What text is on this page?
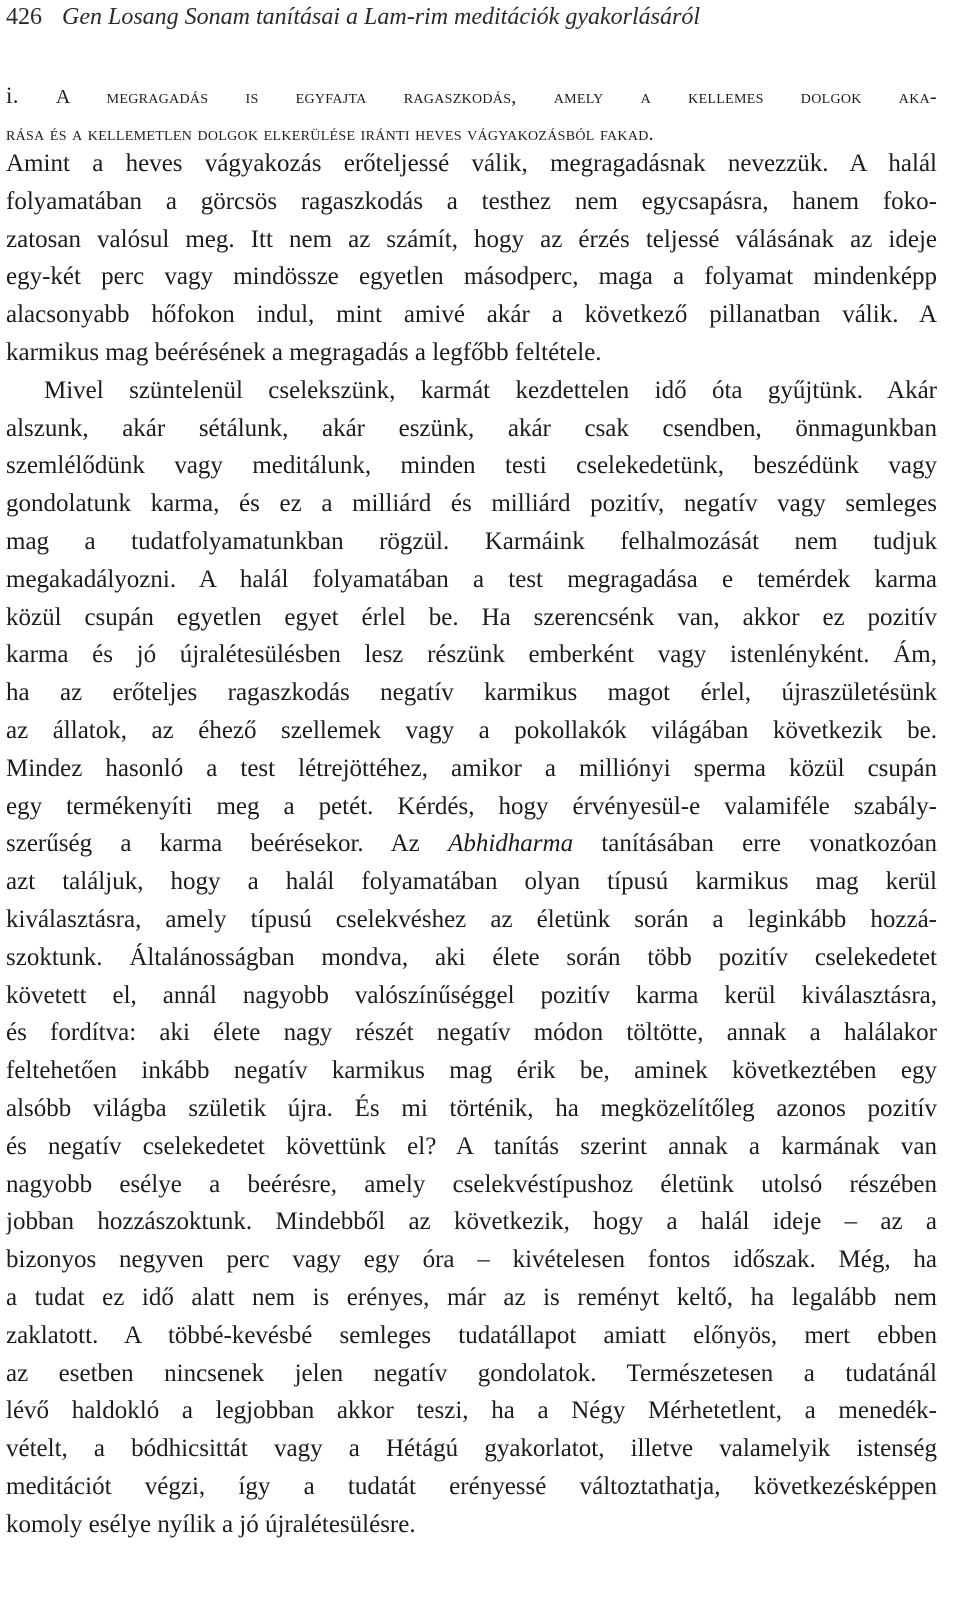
426 Gen Losang Sonam tanításai a Lam-rim meditációk gyakorlásáról
i. A megragadás is egyfajta ragaszkodás, amely a kellemes dolgok aka-
rása és a kellemetlen dolgok elkerülése iránti heves vágyakozásból fakad.
Amint a heves vágyakozás erőteljessé válik, megragadásnak nevezzük. A halál
folyamatában a görcsös ragaszkodás a testhez nem egycsapásra, hanem foko-
zatosan valósul meg. Itt nem az számít, hogy az érzés teljessé válásának az ideje
egy-két perc vagy mindössze egyetlen másodperc, maga a folyamat mindenképp
alacsonyabb hőfokon indul, mint amivé akár a következő pillanatban válik. A
karmikus mag beérésének a megragadás a legfőbb feltétele.
Mivel szüntelenül cselekszünk, karmát kezdettelen idő óta gyűjtünk. Akár
alszunk, akár sétálunk, akár eszünk, akár csak csendben, önmagunkban
szemlélődünk vagy meditálunk, minden testi cselekedetünk, beszédünk vagy
gondolatunk karma, és ez a milliárd és milliárd pozitív, negatív vagy semleges
mag a tudatfolyamatunkban rögzül. Karmáink felhalmozását nem tudjuk
megakadályozni. A halál folyamatában a test megragadása e temérdek karma
közül csupán egyetlen egyet érlel be. Ha szerencsénk van, akkor ez pozitív
karma és jó újralétesülésben lesz részünk emberként vagy istenlényként. Ám,
ha az erőteljes ragaszkodás negatív karmikus magot érlel, újraszületésünk
az állatok, az éhező szellemek vagy a pokollakók világában következik be.
Mindez hasonló a test létrejöttéhez, amikor a milliónyi sperma közül csupán
egy termékenyíti meg a petét. Kérdés, hogy érvényesül-e valamiféle szabály-
szerűség a karma beérésekor. Az Abhidharma tanításában erre vonatkozóan
azt találjuk, hogy a halál folyamatában olyan típusú karmikus mag kerül
kiválasztásra, amely típusú cselekvéshez az életünk során a leginkább hozzá-
szoktunk. Általánosságban mondva, aki élete során több pozitív cselekedetet
követett el, annál nagyobb valószínűséggel pozitív karma kerül kiválasztásra,
és fordítva: aki élete nagy részét negatív módon töltötte, annak a halálakor
feltehetően inkább negatív karmikus mag érik be, aminek következtében egy
alsóbb világba születik újra. És mi történik, ha megközelítőleg azonos pozitív
és negatív cselekedetet követtünk el? A tanítás szerint annak a karmának van
nagyobb esélye a beérésre, amely cselekvéstípushoz életünk utolsó részében
jobban hozzászoktunk. Mindebből az következik, hogy a halál ideje – az a
bizonyos negyven perc vagy egy óra – kivételesen fontos időszak. Még, ha
a tudat ez idő alatt nem is erényes, már az is reményt keltő, ha legalább nem
zaklatott. A többé-kevésbé semleges tudatállapot amiatt előnyös, mert ebben
az esetben nincsenek jelen negatív gondolatok. Természetesen a tudatánál
lévő haldokló a legjobban akkor teszi, ha a Négy Mérhetetlent, a menedék-
vételt, a bódhicsittát vagy a Hétágú gyakorlatot, illetve valamelyik istenség
meditációt végzi, így a tudatát erényessé változtathatja, következésképpen
komoly esélye nyílik a jó újralétesülésre.
